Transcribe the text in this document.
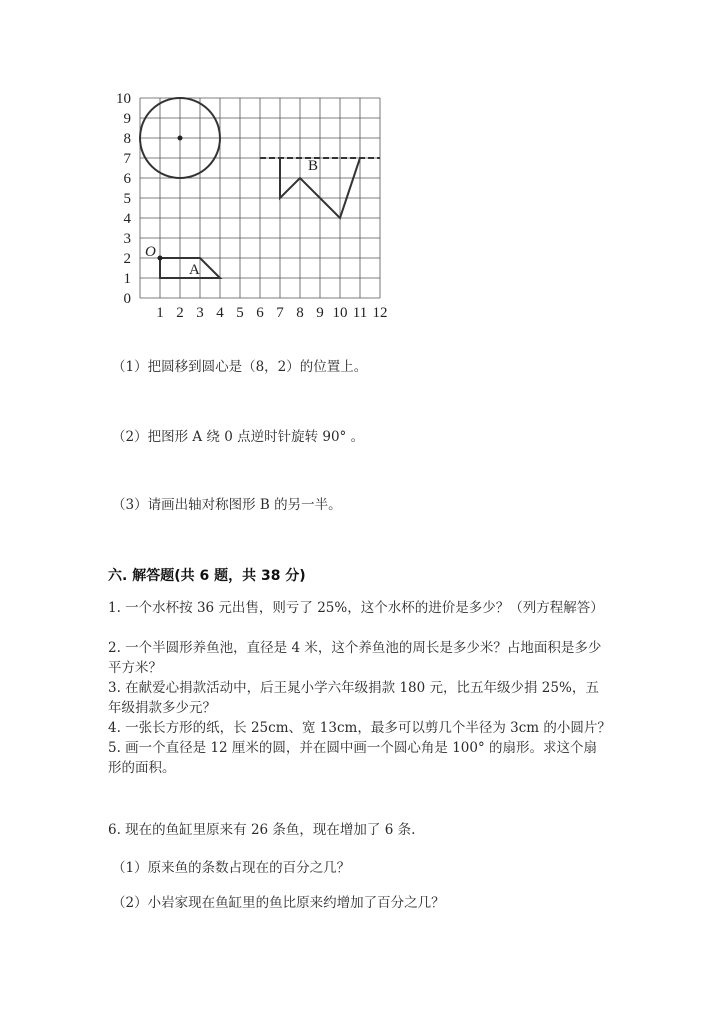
1 2 3 4 5 6 7 8 9 10 11 12
0
1
2
3
4
5
6
7
8
9
10
O
A
B
（1）把圆移到圆心是（8，2）的位置上。
（2）把图形 A 绕 0 点逆时针旋转 90° 。
（3）请画出轴对称图形 B 的另一半。
六. 解答题(共 6 题，共 38 分)
1. 一个水杯按 36 元出售，则亏了 25%，这个水杯的进价是多少？（列方程解答）
2. 一个半圆形养鱼池，直径是 4 米，这个养鱼池的周长是多少米？占地面积是多少平方米？
3. 在献爱心捐款活动中，后王晁小学六年级捐款 180 元，比五年级少捐 25%，五年级捐款多少元？
4. 一张长方形的纸，长 25cm、宽 13cm，最多可以剪几个半径为 3cm 的小圆片？
5. 画一个直径是 12 厘米的圆，并在圆中画一个圆心角是 100° 的扇形。求这个扇形的面积。
6. 现在的鱼缸里原来有 26 条鱼，现在增加了 6 条.
（1）原来鱼的条数占现在的百分之几？
（2）小岩家现在鱼缸里的鱼比原来约增加了百分之几？
